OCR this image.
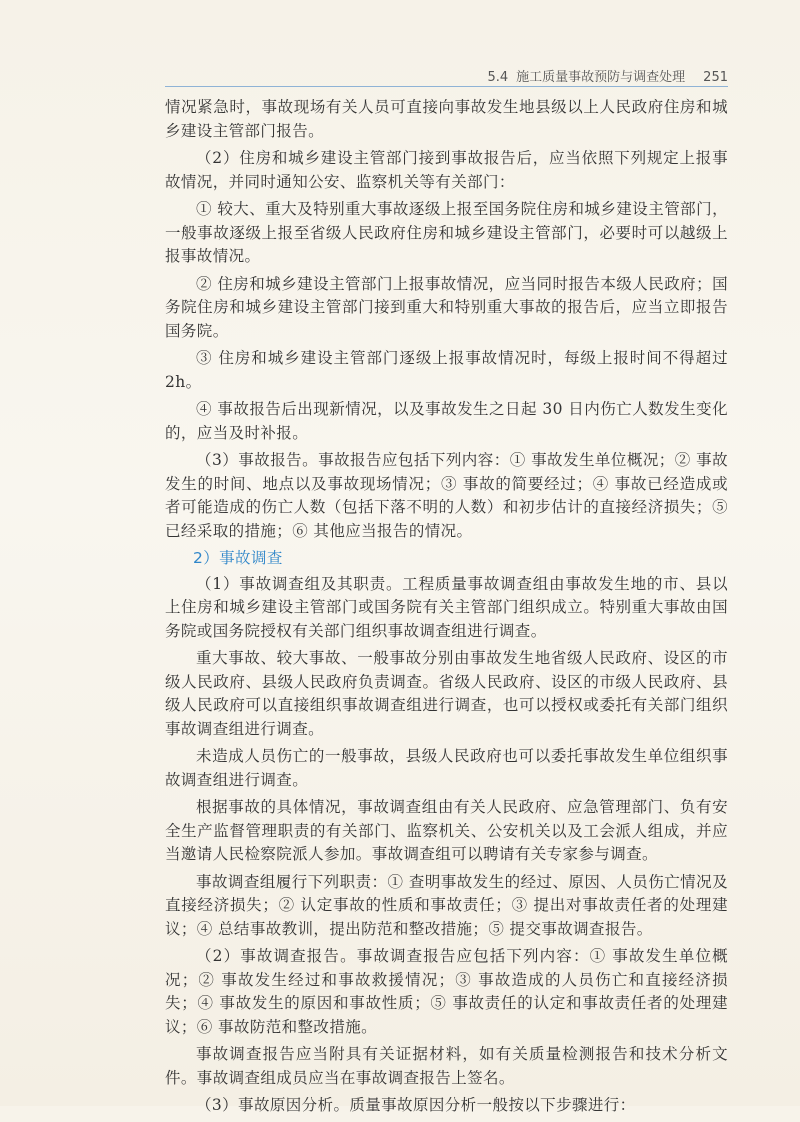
5.4 施工质量事故预防与调查处理 251

情况紧急时，事故现场有关人员可直接向事故发生地县级以上人民政府住房和城乡建设主管部门报告。

（2）住房和城乡建设主管部门接到事故报告后，应当依照下列规定上报事故情况，并同时通知公安、监察机关等有关部门：

① 较大、重大及特别重大事故逐级上报至国务院住房和城乡建设主管部门，一般事故逐级上报至省级人民政府住房和城乡建设主管部门，必要时可以越级上报事故情况。

② 住房和城乡建设主管部门上报事故情况，应当同时报告本级人民政府；国务院住房和城乡建设主管部门接到重大和特别重大事故的报告后，应当立即报告国务院。

③ 住房和城乡建设主管部门逐级上报事故情况时，每级上报时间不得超过 2h。

④ 事故报告后出现新情况，以及事故发生之日起 30 日内伤亡人数发生变化的，应当及时补报。

（3）事故报告。事故报告应包括下列内容：① 事故发生单位概况；② 事故发生的时间、地点以及事故现场情况；③ 事故的简要经过；④ 事故已经造成或者可能造成的伤亡人数（包括下落不明的人数）和初步估计的直接经济损失；⑤ 已经采取的措施；⑥ 其他应当报告的情况。

2）事故调查

（1）事故调查组及其职责。工程质量事故调查组由事故发生地的市、县以上住房和城乡建设主管部门或国务院有关主管部门组织成立。特别重大事故由国务院或国务院授权有关部门组织事故调查组进行调查。

重大事故、较大事故、一般事故分别由事故发生地省级人民政府、设区的市级人民政府、县级人民政府负责调查。省级人民政府、设区的市级人民政府、县级人民政府可以直接组织事故调查组进行调查，也可以授权或委托有关部门组织事故调查组进行调查。

未造成人员伤亡的一般事故，县级人民政府也可以委托事故发生单位组织事故调查组进行调查。

根据事故的具体情况，事故调查组由有关人民政府、应急管理部门、负有安全生产监督管理职责的有关部门、监察机关、公安机关以及工会派人组成，并应当邀请人民检察院派人参加。事故调查组可以聘请有关专家参与调查。

事故调查组履行下列职责：① 查明事故发生的经过、原因、人员伤亡情况及直接经济损失；② 认定事故的性质和事故责任；③ 提出对事故责任者的处理建议；④ 总结事故教训，提出防范和整改措施；⑤ 提交事故调查报告。

（2）事故调查报告。事故调查报告应包括下列内容：① 事故发生单位概况；② 事故发生经过和事故救援情况；③ 事故造成的人员伤亡和直接经济损失；④ 事故发生的原因和事故性质；⑤ 事故责任的认定和事故责任者的处理建议；⑥ 事故防范和整改措施。

事故调查报告应当附具有关证据材料，如有关质量检测报告和技术分析文件。事故调查组成员应当在事故调查报告上签名。

（3）事故原因分析。质量事故原因分析一般按以下步骤进行：
